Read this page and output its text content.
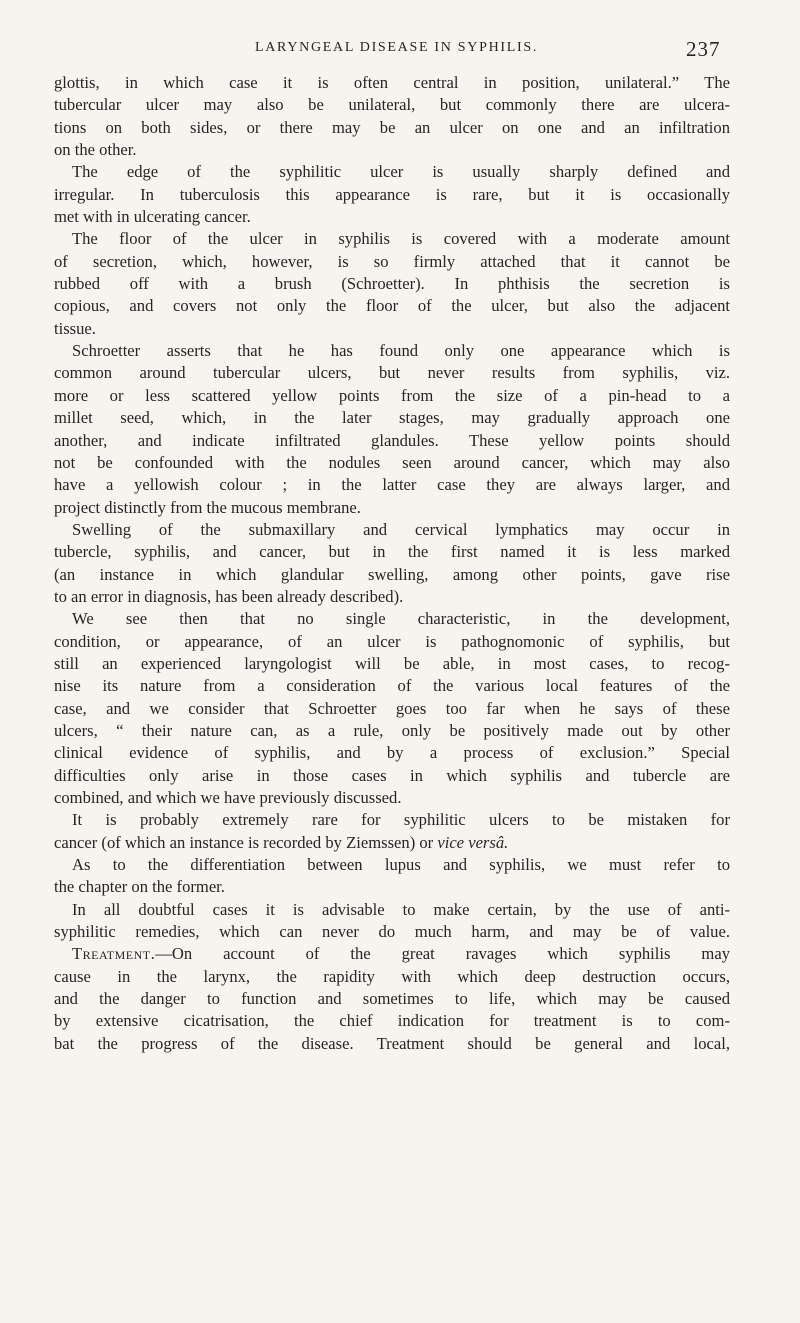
LARYNGEAL DISEASE IN SYPHILIS.	237
glottis, in which case it is often central in position, unilateral.” The
tubercular ulcer may also be unilateral, but commonly there are ulcera-
tions on both sides, or there may be an ulcer on one and an infiltration
on the other.
The edge of the syphilitic ulcer is usually sharply defined and
irregular. In tuberculosis this appearance is rare, but it is occasionally
met with in ulcerating cancer.
The floor of the ulcer in syphilis is covered with a moderate amount
of secretion, which, however, is so firmly attached that it cannot be
rubbed off with a brush (Schroetter). In phthisis the secretion is
copious, and covers not only the floor of the ulcer, but also the adjacent
tissue.
Schroetter asserts that he has found only one appearance which is
common around tubercular ulcers, but never results from syphilis, viz.
more or less scattered yellow points from the size of a pin-head to a
millet seed, which, in the later stages, may gradually approach one
another, and indicate infiltrated glandules. These yellow points should
not be confounded with the nodules seen around cancer, which may also
have a yellowish colour ; in the latter case they are always larger, and
project distinctly from the mucous membrane.
Swelling of the submaxillary and cervical lymphatics may occur in
tubercle, syphilis, and cancer, but in the first named it is less marked
(an instance in which glandular swelling, among other points, gave rise
to an error in diagnosis, has been already described).
We see then that no single characteristic, in the development,
condition, or appearance, of an ulcer is pathognomonic of syphilis, but
still an experienced laryngologist will be able, in most cases, to recog-
nise its nature from a consideration of the various local features of the
case, and we consider that Schroetter goes too far when he says of these
ulcers, “ their nature can, as a rule, only be positively made out by other
clinical evidence of syphilis, and by a process of exclusion.” Special
difficulties only arise in those cases in which syphilis and tubercle are
combined, and which we have previously discussed.
It is probably extremely rare for syphilitic ulcers to be mistaken for
cancer (of which an instance is recorded by Ziemssen) or vice versâ.
As to the differentiation between lupus and syphilis, we must refer to
the chapter on the former.
In all doubtful cases it is advisable to make certain, by the use of anti-
syphilitic remedies, which can never do much harm, and may be of value.
Treatment.—On account of the great ravages which syphilis may
cause in the larynx, the rapidity with which deep destruction occurs,
and the danger to function and sometimes to life, which may be caused
by extensive cicatrisation, the chief indication for treatment is to com-
bat the progress of the disease. Treatment should be general and local,
